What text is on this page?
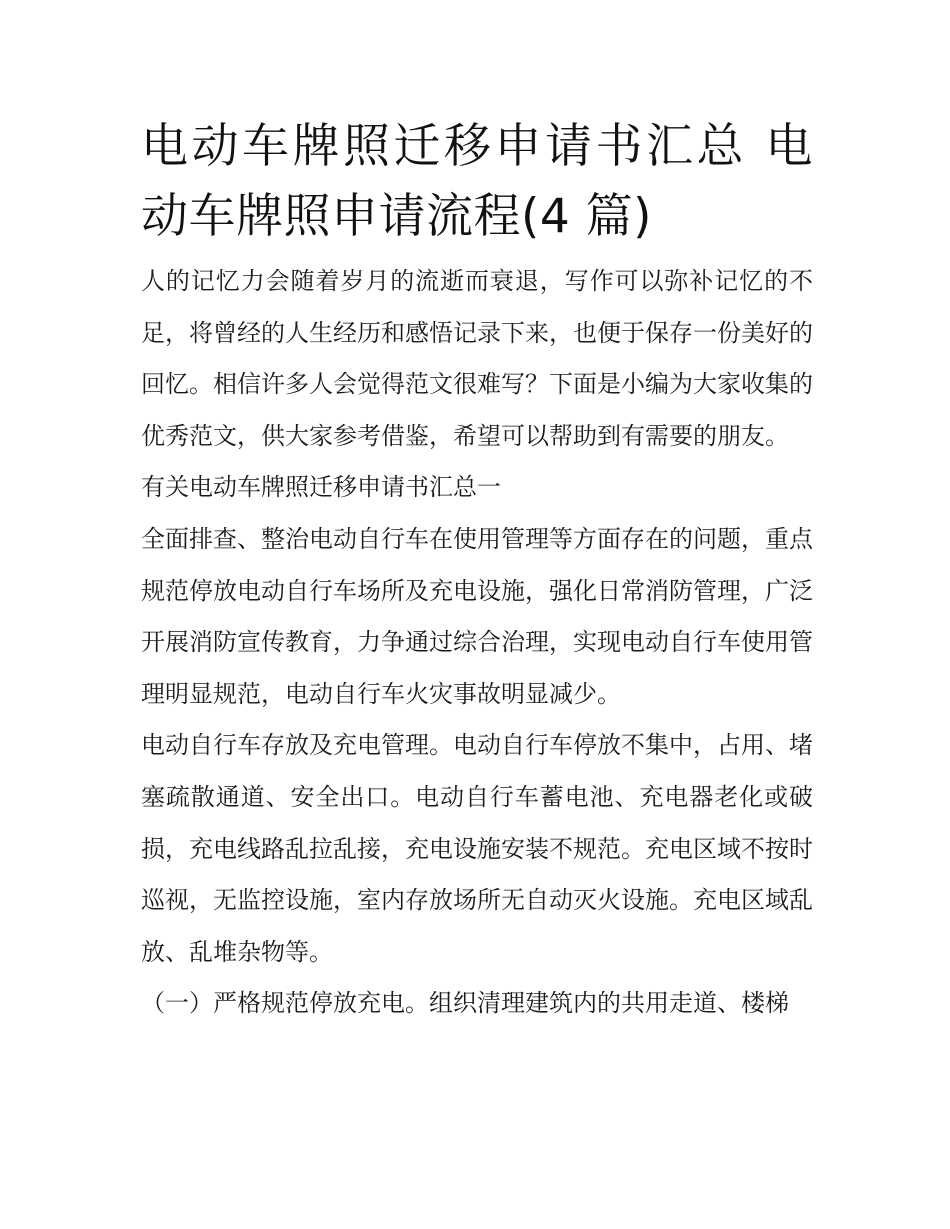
电动车牌照迁移申请书汇总 电动车牌照申请流程(4 篇)

人的记忆力会随着岁月的流逝而衰退，写作可以弥补记忆的不足，将曾经的人生经历和感悟记录下来，也便于保存一份美好的回忆。相信许多人会觉得范文很难写？下面是小编为大家收集的优秀范文，供大家参考借鉴，希望可以帮助到有需要的朋友。

有关电动车牌照迁移申请书汇总一

全面排查、整治电动自行车在使用管理等方面存在的问题，重点规范停放电动自行车场所及充电设施，强化日常消防管理，广泛开展消防宣传教育，力争通过综合治理，实现电动自行车使用管理明显规范，电动自行车火灾事故明显减少。

电动自行车存放及充电管理。电动自行车停放不集中，占用、堵塞疏散通道、安全出口。电动自行车蓄电池、充电器老化或破损，充电线路乱拉乱接，充电设施安装不规范。充电区域不按时巡视，无监控设施，室内存放场所无自动灭火设施。充电区域乱放、乱堆杂物等。

（一）严格规范停放充电。组织清理建筑内的共用走道、楼梯
